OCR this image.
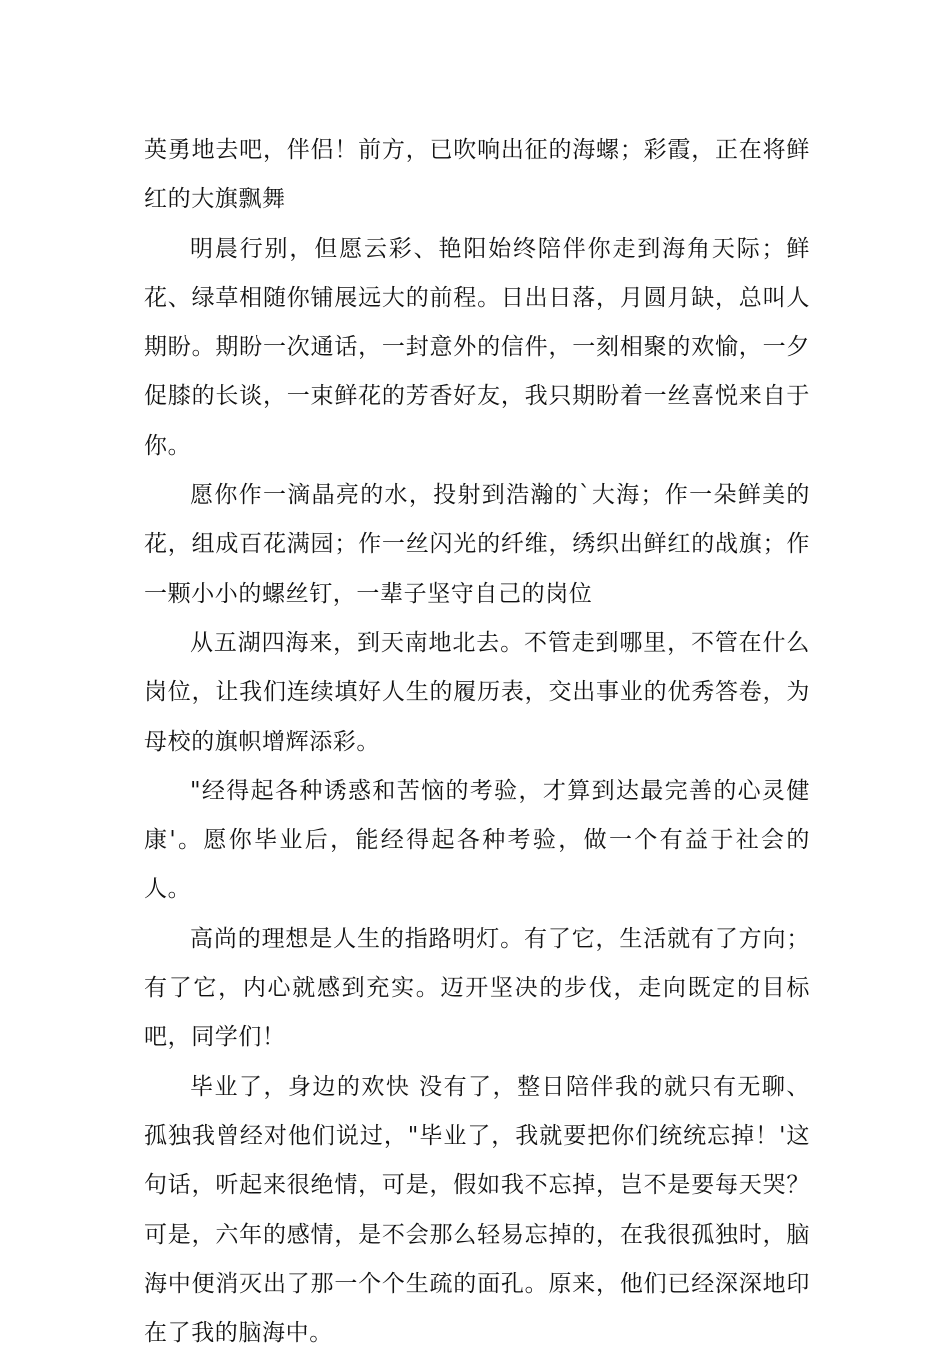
英勇地去吧，伴侣！前方，已吹响出征的海螺；彩霞，正在将鲜红的大旗飘舞

明晨行别，但愿云彩、艳阳始终陪伴你走到海角天际；鲜花、绿草相随你铺展远大的前程。日出日落，月圆月缺，总叫人期盼。期盼一次通话，一封意外的信件，一刻相聚的欢愉，一夕促膝的长谈，一束鲜花的芳香好友，我只期盼着一丝喜悦来自于你。

愿你作一滴晶亮的水，投射到浩瀚的`大海；作一朵鲜美的花，组成百花满园；作一丝闪光的纤维，绣织出鲜红的战旗；作一颗小小的螺丝钉，一辈子坚守自己的岗位

从五湖四海来，到天南地北去。不管走到哪里，不管在什么岗位，让我们连续填好人生的履历表，交出事业的优秀答卷，为母校的旗帜增辉添彩。

"经得起各种诱惑和苦恼的考验，才算到达最完善的心灵健康'。愿你毕业后，能经得起各种考验，做一个有益于社会的人。

高尚的理想是人生的指路明灯。有了它，生活就有了方向；有了它，内心就感到充实。迈开坚决的步伐，走向既定的目标吧，同学们！

毕业了，身边的欢快 没有了，整日陪伴我的就只有无聊、孤独我曾经对他们说过，"毕业了，我就要把你们统统忘掉！'这句话，听起来很绝情，可是，假如我不忘掉，岂不是要每天哭？可是，六年的感情，是不会那么轻易忘掉的，在我很孤独时，脑海中便消灭出了那一个个生疏的面孔。原来，他们已经深深地印在了我的脑海中。
